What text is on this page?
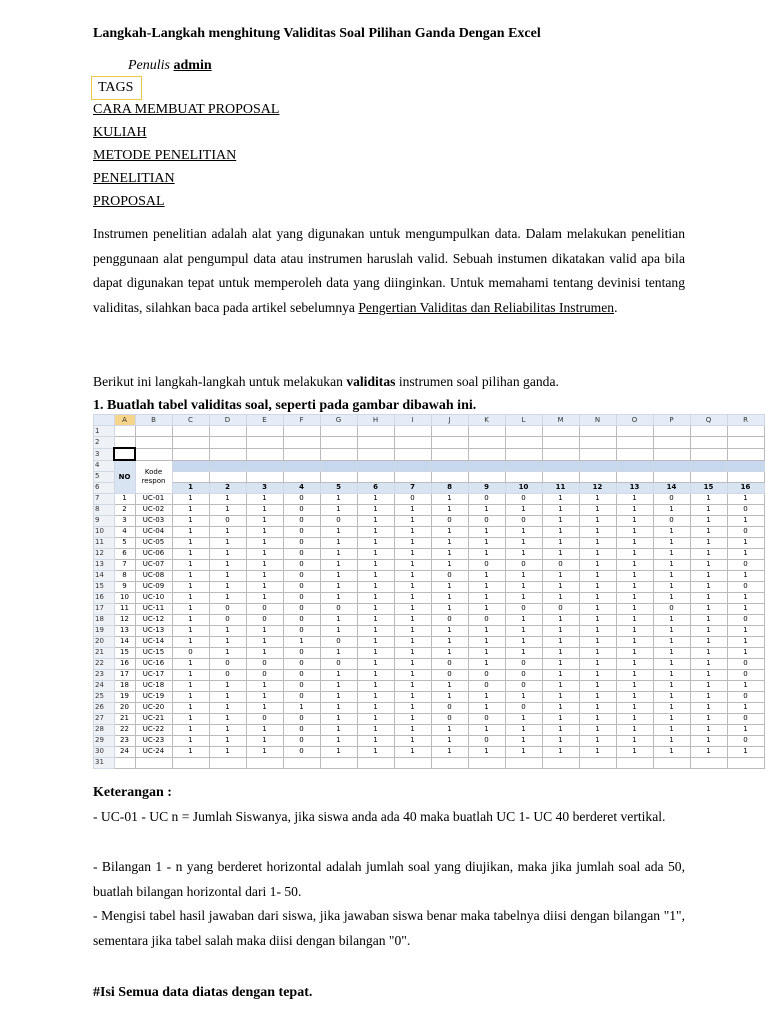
Langkah-Langkah menghitung Validitas Soal Pilihan Ganda Dengan Excel
Penulis admin
TAGS
CARA MEMBUAT PROPOSAL
KULIAH
METODE PENELITIAN
PENELITIAN
PROPOSAL
Instrumen penelitian adalah alat yang digunakan untuk mengumpulkan data. Dalam melakukan penelitian penggunaan alat pengumpul data atau instrumen haruslah valid. Sebuah instumen dikatakan valid apa bila dapat digunakan tepat untuk memperoleh data yang diinginkan. Untuk memahami tentang devinisi tentang validitas, silahkan baca pada artikel sebelumnya Pengertian Validitas dan Reliabilitas Instrumen.
Berikut ini langkah-langkah untuk melakukan validitas instrumen soal pilihan ganda.
1. Buatlah tabel validitas soal, seperti pada gambar dibawah ini.
	A	B	C	D	E	F	G	H	I	J	K	L	M	N	O	P	Q	R
1																		
2																		
3																		
4	NO	Kode respon																
5																		
6			1	2	3	4	5	6	7	8	9	10	11	12	13	14	15	16
7	1	UC-01	1	1	1	0	1	1	0	1	0	0	1	1	1	0	1	1
8	2	UC-02	1	1	1	0	1	1	1	1	1	1	1	1	1	1	1	0
9	3	UC-03	1	0	1	0	0	1	1	0	0	0	1	1	1	0	1	1
10	4	UC-04	1	1	1	0	1	1	1	1	1	1	1	1	1	1	1	0
11	5	UC-05	1	1	1	0	1	1	1	1	1	1	1	1	1	1	1	1
12	6	UC-06	1	1	1	0	1	1	1	1	1	1	1	1	1	1	1	1
13	7	UC-07	1	1	1	0	1	1	1	1	0	0	0	1	1	1	1	0
14	8	UC-08	1	1	1	0	1	1	1	0	1	1	1	1	1	1	1	1
15	9	UC-09	1	1	1	0	1	1	1	1	1	1	1	1	1	1	1	0
16	10	UC-10	1	1	1	0	1	1	1	1	1	1	1	1	1	1	1	1
17	11	UC-11	1	0	0	0	0	1	1	1	1	0	0	1	1	0	1	1
18	12	UC-12	1	0	0	0	1	1	1	0	0	1	1	1	1	1	1	0
19	13	UC-13	1	1	1	0	1	1	1	1	1	1	1	1	1	1	1	1
20	14	UC-14	1	1	1	1	0	1	1	1	1	1	1	1	1	1	1	1
21	15	UC-15	0	1	1	0	1	1	1	1	1	1	1	1	1	1	1	1
22	16	UC-16	1	0	0	0	0	1	1	0	1	0	1	1	1	1	1	0
23	17	UC-17	1	0	0	0	1	1	1	0	0	0	1	1	1	1	1	0
24	18	UC-18	1	1	1	0	1	1	1	1	0	0	1	1	1	1	1	1
25	19	UC-19	1	1	1	0	1	1	1	1	1	1	1	1	1	1	1	0
26	20	UC-20	1	1	1	1	1	1	1	0	1	0	1	1	1	1	1	1
27	21	UC-21	1	1	0	0	1	1	1	0	0	1	1	1	1	1	1	0
28	22	UC-22	1	1	1	0	1	1	1	1	1	1	1	1	1	1	1	1
29	23	UC-23	1	1	1	0	1	1	1	1	0	1	1	1	1	1	1	0
30	24	UC-24	1	1	1	0	1	1	1	1	1	1	1	1	1	1	1	1
31																		
Keterangan :
- UC-01 - UC n = Jumlah Siswanya, jika siswa anda ada 40 maka buatlah UC 1- UC 40 berderet vertikal.
- Bilangan 1 - n yang berderet horizontal adalah jumlah soal yang diujikan, maka jika jumlah soal ada 50, buatlah bilangan horizontal dari 1- 50.
- Mengisi tabel hasil jawaban dari siswa, jika jawaban siswa benar maka tabelnya diisi dengan bilangan "1", sementara jika tabel salah maka diisi dengan bilangan "0".
#Isi Semua data diatas dengan tepat.
